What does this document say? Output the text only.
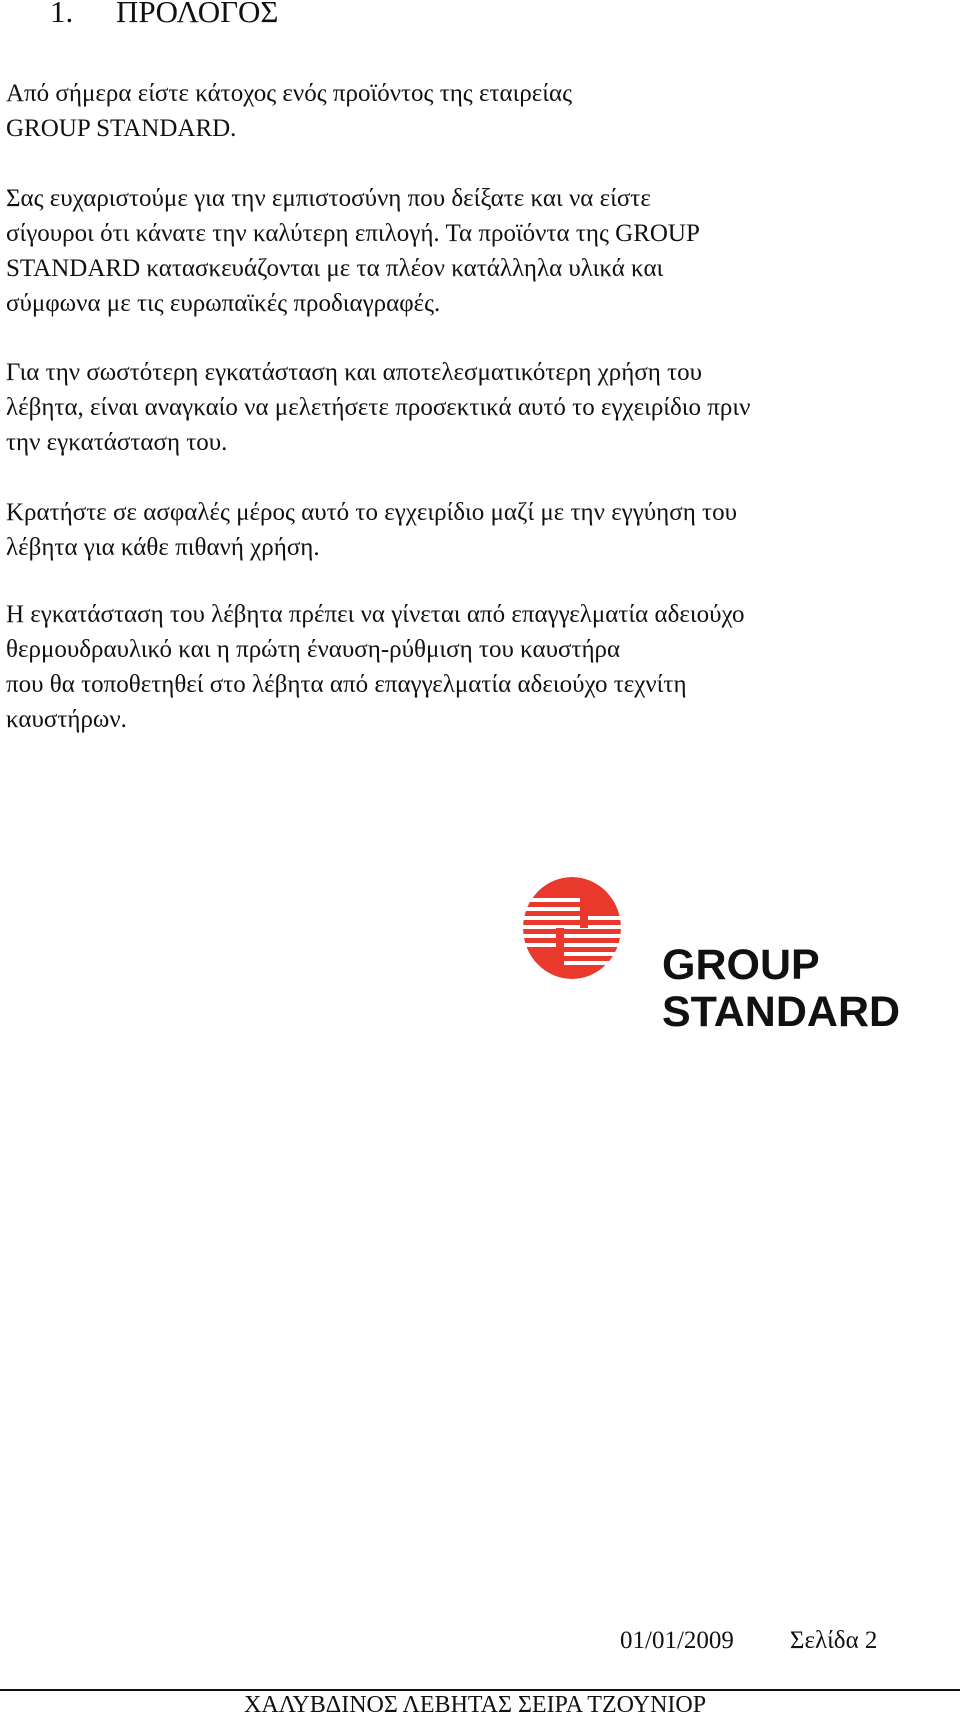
1. ΠΡΟΛΟΓΟΣ

Από σήμερα είστε κάτοχος ενός προϊόντος της εταιρείας
GROUP STANDARD.

Σας ευχαριστούμε για την εμπιστοσύνη που δείξατε και να είστε
σίγουροι ότι κάνατε την καλύτερη επιλογή. Τα προϊόντα της GROUP
STANDARD κατασκευάζονται με τα πλέον κατάλληλα υλικά και
σύμφωνα με τις ευρωπαϊκές προδιαγραφές.

Για την σωστότερη εγκατάσταση και αποτελεσματικότερη χρήση του
λέβητα, είναι αναγκαίο να μελετήσετε προσεκτικά αυτό το εγχειρίδιο πριν
την εγκατάσταση του.

Κρατήστε σε ασφαλές μέρος αυτό το εγχειρίδιο μαζί με την εγγύηση του
λέβητα για κάθε πιθανή χρήση.

Η εγκατάσταση του λέβητα πρέπει να γίνεται από επαγγελματία αδειούχο
θερμουδραυλικό και η πρώτη έναυση-ρύθμιση του καυστήρα
που θα τοποθετηθεί στο λέβητα από επαγγελματία αδειούχο τεχνίτη
καυστήρων.

GROUP
STANDARD
01/01/2009 Σελίδα 2
ΧΑΛΥΒΔΙΝΟΣ ΛΕΒΗΤΑΣ ΣΕΙΡΑ ΤΖΟΥΝΙΟΡ
